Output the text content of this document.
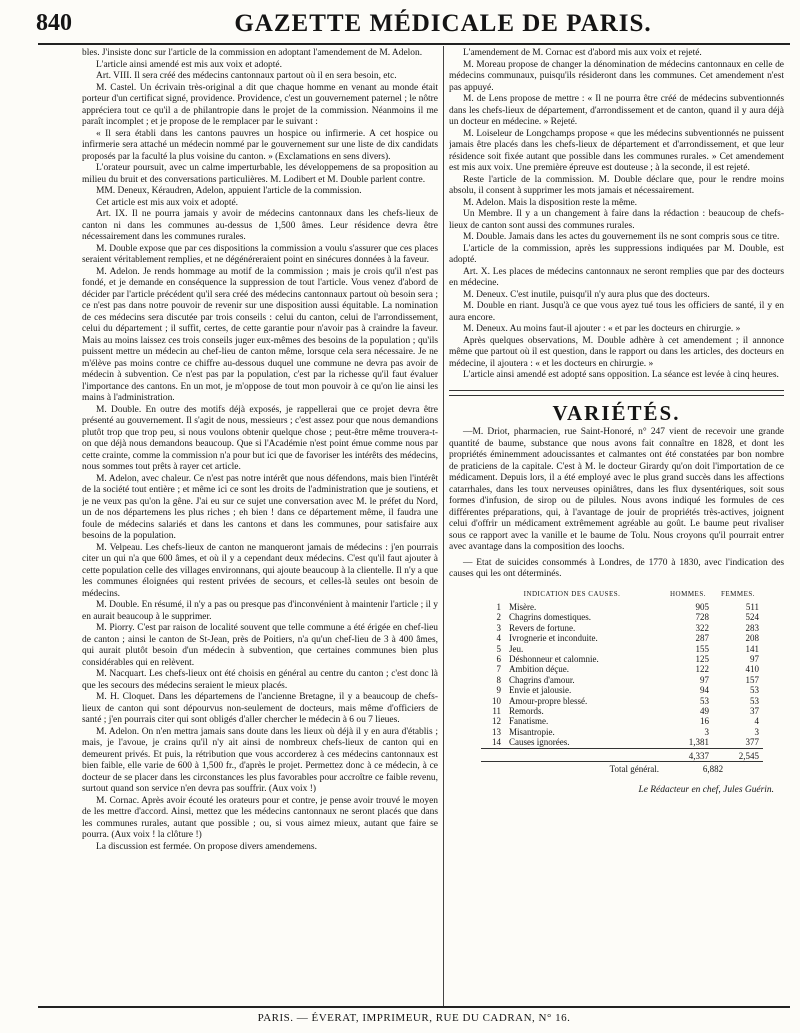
840	GAZETTE MÉDICALE DE PARIS.

bles. J'insiste donc sur l'article de la commission en adoptant l'amendement de M. Adelon.

L'article ainsi amendé est mis aux voix et adopté.

Art. VIII. Il sera créé des médecins cantonnaux partout où il en sera besoin, etc.

M. Castel. Un écrivain très-original a dit que chaque homme en venant au monde était porteur d'un certificat signé, providence. Providence, c'est un gouvernement paternel ; le nôtre appréciera tout ce qu'il a de philantropie dans le projet de la commission. Néanmoins il me paraît incomplet ; et je propose de le remplacer par le suivant :

« Il sera établi dans les cantons pauvres un hospice ou infirmerie. A cet hospice ou infirmerie sera attaché un médecin nommé par le gouvernement sur une liste de dix candidats proposés par la faculté la plus voisine du canton. » (Exclamations en sens divers).

L'orateur poursuit, avec un calme imperturbable, les développemens de sa proposition au milieu du bruit et des conversations particulières. M. Lodibert et M. Double parlent contre.

MM. Deneux, Kéraudren, Adelon, appuient l'article de la commission.

Cet article est mis aux voix et adopté.

Art. IX. Il ne pourra jamais y avoir de médecins cantonnaux dans les chefs-lieux de canton ni dans les communes au-dessus de 1,500 âmes. Leur résidence devra être nécessairement dans les communes rurales.

M. Double expose que par ces dispositions la commission a voulu s'assurer que ces places seraient véritablement remplies, et ne dégénéreraient point en sinécures données à la faveur.

M. Adelon. Je rends hommage au motif de la commission ; mais je crois qu'il n'est pas fondé, et je demande en conséquence la suppression de tout l'article. Vous venez d'abord de décider par l'article précédent qu'il sera créé des médecins cantonnaux partout où besoin sera ; ce n'est pas dans notre pouvoir de revenir sur une disposition aussi équitable. La nomination de ces médecins sera discutée par trois conseils : celui du canton, celui de l'arrondissement, celui du département ; il suffit, certes, de cette garantie pour n'avoir pas à craindre la faveur. Mais au moins laissez ces trois conseils juger eux-mêmes des besoins de la population ; qu'ils puissent mettre un médecin au chef-lieu de canton même, lorsque cela sera nécessaire. Je ne m'élève pas moins contre ce chiffre au-dessous duquel une commune ne devra pas avoir de médecin à subvention. Ce n'est pas par la population, c'est par la richesse qu'il faut évaluer l'importance des cantons. En un mot, je m'oppose de tout mon pouvoir à ce qu'on lie ainsi les mains à l'administration.

M. Double. En outre des motifs déjà exposés, je rappellerai que ce projet devra être présenté au gouvernement. Il s'agit de nous, messieurs ; c'est assez pour que nous demandions plutôt trop que trop peu, si nous voulons obtenir quelque chose ; peut-être même trouvera-t-on que déjà nous demandons beaucoup. Que si l'Académie n'est point émue comme nous par cette crainte, comme la commission n'a pour but ici que de favoriser les intérêts des médecins, nous sommes tout prêts à rayer cet article.

M. Adelon, avec chaleur. Ce n'est pas notre intérêt que nous défendons, mais bien l'intérêt de la société tout entière ; et même ici ce sont les droits de l'administration que je soutiens, et je ne veux pas qu'on la gêne. J'ai eu sur ce sujet une conversation avec M. le préfet du Nord, un de nos départemens les plus riches ; eh bien ! dans ce département même, il faudra une foule de médecins salariés et dans les cantons et dans les communes, pour satisfaire aux besoins de la population.

M. Velpeau. Les chefs-lieux de canton ne manqueront jamais de médecins : j'en pourrais citer un qui n'a que 600 âmes, et où il y a cependant deux médecins. C'est qu'il faut ajouter à cette population celle des villages environnans, qui ajoute beaucoup à la clientelle. Il n'y a que les communes éloignées qui restent privées de secours, et celles-là seules ont besoin de médecins.

M. Double. En résumé, il n'y a pas ou presque pas d'inconvénient à maintenir l'article ; il y en aurait beaucoup à le supprimer.

M. Piorry. C'est par raison de localité souvent que telle commune a été érigée en chef-lieu de canton ; ainsi le canton de St-Jean, près de Poitiers, n'a qu'un chef-lieu de 3 à 400 âmes, qui aurait plutôt besoin d'un médecin à subvention, que certaines communes bien plus considérables qui en relèvent.

M. Nacquart. Les chefs-lieux ont été choisis en général au centre du canton ; c'est donc là que les secours des médecins seraient le mieux placés.

M. H. Cloquet. Dans les départemens de l'ancienne Bretagne, il y a beaucoup de chefs-lieux de canton qui sont dépourvus non-seulement de docteurs, mais même d'officiers de santé ; j'en pourrais citer qui sont obligés d'aller chercher le médecin à 6 ou 7 lieues.

M. Adelon. On n'en mettra jamais sans doute dans les lieux où déjà il y en aura d'établis ; mais, je l'avoue, je crains qu'il n'y ait ainsi de nombreux chefs-lieux de canton qui en demeurent privés. Et puis, la rétribution que vous accorderez à ces médecins cantonnaux est bien faible, elle varie de 600 à 1,500 fr., d'après le projet. Permettez donc à ce médecin, à ce docteur de se placer dans les circonstances les plus favorables pour accroître ce faible revenu, surtout quand son service n'en devra pas souffrir. (Aux voix !)

M. Cornac. Après avoir écouté les orateurs pour et contre, je pense avoir trouvé le moyen de les mettre d'accord. Ainsi, mettez que les médecins cantonnaux ne seront placés que dans les communes rurales, autant que possible ; ou, si vous aimez mieux, autant que faire se pourra. (Aux voix ! la clôture !)

La discussion est fermée. On propose divers amendemens.

L'amendement de M. Cornac est d'abord mis aux voix et rejeté.

M. Moreau propose de changer la dénomination de médecins cantonnaux en celle de médecins communaux, puisqu'ils résideront dans les communes. Cet amendement n'est pas appuyé.

M. de Lens propose de mettre : « Il ne pourra être créé de médecins subventionnés dans les chefs-lieux de département, d'arrondissement et de canton, quand il y aura déjà un docteur en médecine. » Rejeté.

M. Loiseleur de Longchamps propose « que les médecins subventionnés ne puissent jamais être placés dans les chefs-lieux de département et d'arrondissement, et que leur résidence soit fixée autant que possible dans les communes rurales. » Cet amendement est mis aux voix. Une première épreuve est douteuse ; à la seconde, il est rejeté.

Reste l'article de la commission. M. Double déclare que, pour le rendre moins absolu, il consent à supprimer les mots jamais et nécessairement.

M. Adelon. Mais la disposition reste la même.

Un Membre. Il y a un changement à faire dans la rédaction : beaucoup de chefs-lieux de canton sont aussi des communes rurales.

M. Double. Jamais dans les actes du gouvernement ils ne sont compris sous ce titre.

L'article de la commission, après les suppressions indiquées par M. Double, est adopté.

Art. X. Les places de médecins cantonnaux ne seront remplies que par des docteurs en médecine.

M. Deneux. C'est inutile, puisqu'il n'y aura plus que des docteurs.

M. Double en riant. Jusqu'à ce que vous ayez tué tous les officiers de santé, il y en aura encore.

M. Deneux. Au moins faut-il ajouter : « et par les docteurs en chirurgie. »

Après quelques observations, M. Double adhère à cet amendement ; il annonce même que partout où il est question, dans le rapport ou dans les articles, des docteurs en médecine, il ajoutera : « et les docteurs en chirurgie. »

L'article ainsi amendé est adopté sans opposition. La séance est levée à cinq heures.

VARIÉTÉS.

—M. Driot, pharmacien, rue Saint-Honoré, n° 247 vient de recevoir une grande quantité de baume, substance que nous avons fait connaître en 1828, et dont les propriétés éminemment adoucissantes et calmantes ont été constatées par bon nombre de praticiens de la capitale. C'est à M. le docteur Girardy qu'on doit l'importation de ce médicament. Depuis lors, il a été employé avec le plus grand succès dans les affections catarrhales, dans les toux nerveuses opiniâtres, dans les flux dysentériques, soit sous formes d'infusion, de sirop ou de pilules. Nous avons indiqué les formules de ces différentes préparations, qui, à l'avantage de jouir de propriétés très-actives, joignent celui d'offrir un médicament extrêmement agréable au goût. Le baume peut rivaliser sous ce rapport avec la vanille et le baume de Tolu. Nous croyons qu'il pourrait entrer avec avantage dans la composition des loochs.

— Etat de suicides consommés à Londres, de 1770 à 1830, avec l'indication des causes qui les ont déterminés.

INDICATION DES CAUSES.		HOMMES.	FEMMES.
1	Misère.	905	511
2	Chagrins domestiques.	728	524
3	Revers de fortune.	322	283
4	Ivrognerie et inconduite.	287	208
5	Jeu.	155	141
6	Déshonneur et calomnie.	125	97
7	Ambition déçue.	122	410
8	Chagrins d'amour.	97	157
9	Envie et jalousie.	94	53
10	Amour-propre blessé.	53	53
11	Remords.	49	37
12	Fanatisme.	16	4
13	Misantropie.	3	3
14	Causes ignorées.	1,381	377
		4,337	2,545
	Total général.	6,882	
Le Rédacteur en chef, Jules Guérin.
PARIS. — ÉVERAT, IMPRIMEUR, RUE DU CADRAN, N° 16.
